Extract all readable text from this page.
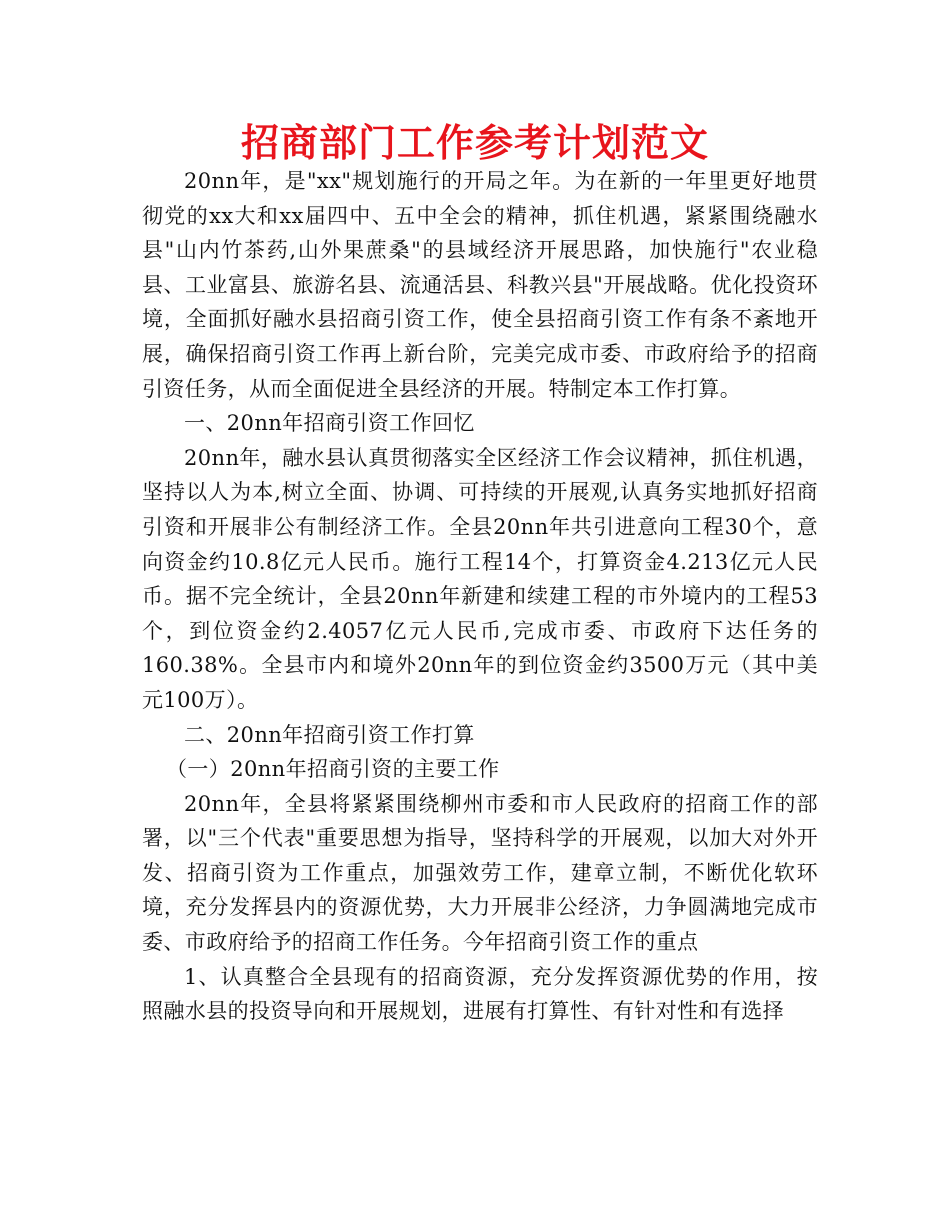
招商部门工作参考计划范文

20nn年，是"xx"规划施行的开局之年。为在新的一年里更好地贯彻党的xx大和xx届四中、五中全会的精神，抓住机遇，紧紧围绕融水县"山内竹茶药,山外果蔗桑"的县域经济开展思路，加快施行"农业稳县、工业富县、旅游名县、流通活县、科教兴县"开展战略。优化投资环境，全面抓好融水县招商引资工作，使全县招商引资工作有条不紊地开展，确保招商引资工作再上新台阶，完美完成市委、市政府给予的招商引资任务，从而全面促进全县经济的开展。特制定本工作打算。

一、20nn年招商引资工作回忆

20nn年，融水县认真贯彻落实全区经济工作会议精神，抓住机遇，坚持以人为本,树立全面、协调、可持续的开展观,认真务实地抓好招商引资和开展非公有制经济工作。全县20nn年共引进意向工程30个，意向资金约10.8亿元人民币。施行工程14个，打算资金4.213亿元人民币。据不完全统计，全县20nn年新建和续建工程的市外境内的工程53个，到位资金约2.4057亿元人民币,完成市委、市政府下达任务的160.38%。全县市内和境外20nn年的到位资金约3500万元（其中美元100万）。

二、20nn年招商引资工作打算

（一）20nn年招商引资的主要工作

20nn年，全县将紧紧围绕柳州市委和市人民政府的招商工作的部署，以"三个代表"重要思想为指导，坚持科学的开展观，以加大对外开发、招商引资为工作重点，加强效劳工作，建章立制，不断优化软环境，充分发挥县内的资源优势，大力开展非公经济，力争圆满地完成市委、市政府给予的招商工作任务。今年招商引资工作的重点

1、认真整合全县现有的招商资源，充分发挥资源优势的作用，按照融水县的投资导向和开展规划，进展有打算性、有针对性和有选择
